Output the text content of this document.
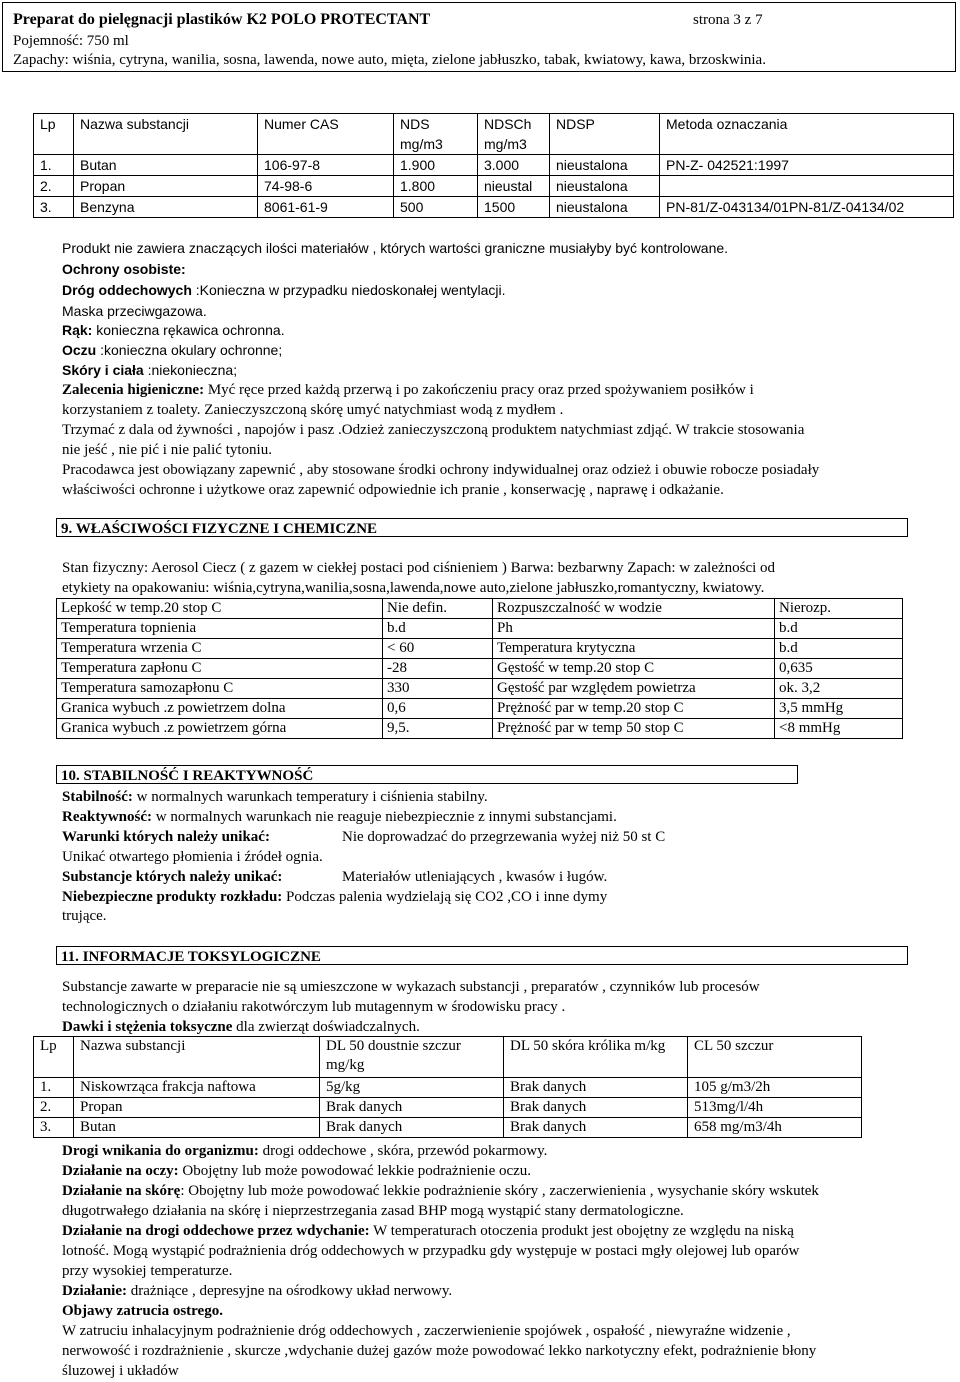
Preparat do pielęgnacji plastików K2 POLO PROTECTANT	strona 3 z 7
Pojemność: 750 ml
Zapachy: wiśnia, cytryna, wanilia, sosna, lawenda, nowe auto, mięta, zielone jabłuszko, tabak, kwiatowy, kawa, brzoskwinia.
Lp	Nazwa substancji	Numer CAS	NDS mg/m3	NDSCh mg/m3	NDSP	Metoda oznaczania
1.	Butan	106-97-8	1.900	3.000	nieustalona	PN-Z- 042521:1997
2.	Propan	74-98-6	1.800	nieustal	nieustalona	
3.	Benzyna	8061-61-9	500	1500	nieustalona	PN-81/Z-043134/01PN-81/Z-04134/02
Produkt nie zawiera znaczących ilości materiałów , których wartości graniczne musiałyby być kontrolowane.
Ochrony osobiste:
Dróg oddechowych :Konieczna w przypadku niedoskonałej wentylacji.
Maska przeciwgazowa.
Rąk: konieczna rękawica ochronna.
Oczu :konieczna okulary ochronne;
Skóry i ciała :niekonieczna;
Zalecenia higieniczne: Myć ręce przed każdą przerwą i po zakończeniu pracy oraz przed spożywaniem posiłków i
korzystaniem z toalety. Zanieczyszczoną skórę umyć natychmiast wodą z mydłem .
Trzymać z dala od żywności , napojów i pasz .Odzież zanieczyszczoną produktem natychmiast zdjąć. W trakcie stosowania
nie jeść , nie pić i nie palić tytoniu.
Pracodawca jest obowiązany zapewnić , aby stosowane środki ochrony indywidualnej oraz odzież i obuwie robocze posiadały
właściwości ochronne i użytkowe oraz zapewnić odpowiednie ich pranie , konserwację , naprawę i odkażanie.
9. WŁAŚCIWOŚCI FIZYCZNE I CHEMICZNE
Stan fizyczny: Aerosol Ciecz ( z gazem w ciekłej postaci pod ciśnieniem ) Barwa: bezbarwny Zapach: w zależności od
etykiety na opakowaniu: wiśnia,cytryna,wanilia,sosna,lawenda,nowe auto,zielone jabłuszko,romantyczny, kwiatowy.
Lepkość w temp.20 stop C	Nie defin.	Rozpuszczalność w wodzie	Nierozp.
Temperatura topnienia	b.d	Ph	b.d
Temperatura wrzenia C	< 60	Temperatura krytyczna	b.d
Temperatura zapłonu C	-28	Gęstość w temp.20 stop C	0,635
Temperatura samozapłonu C	330	Gęstość par względem powietrza	ok. 3,2
Granica wybuch .z powietrzem dolna	0,6	Prężność par w temp.20 stop C	3,5 mmHg
Granica wybuch .z powietrzem górna	9,5.	Prężność par w temp 50 stop C	<8 mmHg
10. STABILNOŚĆ I REAKTYWNOŚĆ
Stabilność: w normalnych warunkach temperatury i ciśnienia stabilny.
Reaktywność: w normalnych warunkach nie reaguje niebezpiecznie z innymi substancjami.
Warunki których należy unikać:	Nie doprowadzać do przegrzewania wyżej niż 50 st C
Unikać otwartego płomienia i źródeł ognia.
Substancje których należy unikać:	Materiałów utleniających , kwasów i ługów.
Niebezpieczne produkty rozkładu: Podczas palenia wydzielają się CO2 ,CO i inne dymy
trujące.
11. INFORMACJE TOKSYLOGICZNE
Substancje zawarte w preparacie nie są umieszczone w wykazach substancji , preparatów , czynników lub procesów
technologicznych o działaniu rakotwórczym lub mutagennym w środowisku pracy .
Dawki i stężenia toksyczne dla zwierząt doświadczalnych.
Lp	Nazwa substancji	DL 50 doustnie szczur mg/kg	DL 50 skóra królika m/kg	CL 50 szczur
1.	Niskowrząca frakcja naftowa	5g/kg	Brak danych	105 g/m3/2h
2.	Propan	Brak danych	Brak danych	513mg/l/4h
3.	Butan	Brak danych	Brak danych	658 mg/m3/4h
Drogi wnikania do organizmu: drogi oddechowe , skóra, przewód pokarmowy.
Działanie na oczy: Obojętny lub może powodować lekkie podrażnienie oczu.
Działanie na skórę: Obojętny lub może powodować lekkie podrażnienie skóry , zaczerwienienia , wysychanie skóry wskutek
długotrwałego działania na skórę i nieprzestrzegania zasad BHP mogą wystąpić stany dermatologiczne.
Działanie na drogi oddechowe przez wdychanie: W temperaturach otoczenia produkt jest obojętny ze względu na niską
lotność. Mogą wystąpić podrażnienia dróg oddechowych w przypadku gdy występuje w postaci mgły olejowej lub oparów
przy wysokiej temperaturze.
Działanie: drażniące , depresyjne na ośrodkowy układ nerwowy.
Objawy zatrucia ostrego.
W zatruciu inhalacyjnym podrażnienie dróg oddechowych , zaczerwienienie spojówek , ospałość , niewyraźne widzenie ,
nerwowość i rozdrażnienie , skurcze ,wdychanie dużej gazów może powodować lekko narkotyczny efekt, podrażnienie błony
śluzowej i układów
